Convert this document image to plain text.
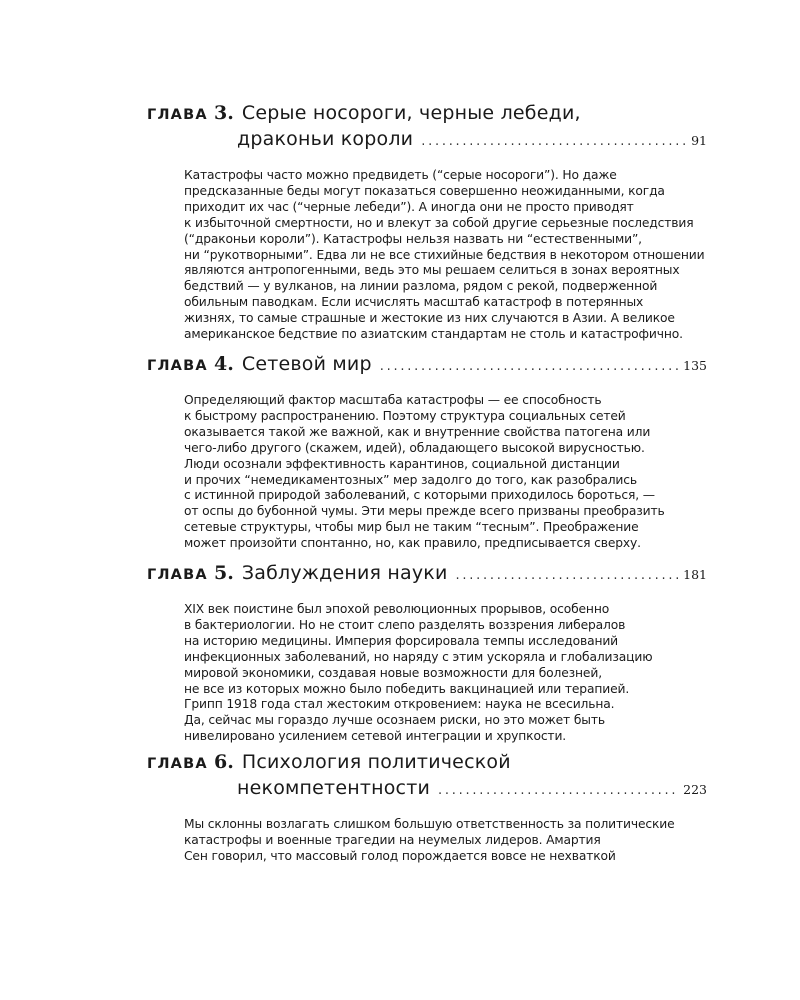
ГЛАВА 3. Серые носороги, черные лебеди,
драконьи короли . . .	91
Катастрофы часто можно предвидеть (“серые носороги”). Но даже
предсказанные беды могут показаться совершенно неожиданными, когда
приходит их час (“черные лебеди”). А иногда они не просто приводят
к избыточной смертности, но и влекут за собой другие серьезные последствия
(“драконьи короли”). Катастрофы нельзя назвать ни “естественными”,
ни “рукотворными”. Едва ли не все стихийные бедствия в некотором отношении
являются антропогенными, ведь это мы решаем селиться в зонах вероятных
бедствий — у вулканов, на линии разлома, рядом с рекой, подверженной
обильным паводкам. Если исчислять масштаб катастроф в потерянных
жизнях, то самые страшные и жестокие из них случаются в Азии. А великое
американское бедствие по азиатским стандартам не столь и катастрофично.
ГЛАВА 4. Сетевой мир . . .	135
Определяющий фактор масштаба катастрофы — ее способность
к быстрому распространению. Поэтому структура социальных сетей
оказывается такой же важной, как и внутренние свойства патогена или
чего-либо другого (скажем, идей), обладающего высокой вирусностью.
Люди осознали эффективность карантинов, социальной дистанции
и прочих “немедикаментозных” мер задолго до того, как разобрались
с истинной природой заболеваний, с которыми приходилось бороться, —
от оспы до бубонной чумы. Эти меры прежде всего призваны преобразить
сетевые структуры, чтобы мир был не таким “тесным”. Преображение
может произойти спонтанно, но, как правило, предписывается сверху.
ГЛАВА 5. Заблуждения науки . . .	181
XIX век поистине был эпохой революционных прорывов, особенно
в бактериологии. Но не стоит слепо разделять воззрения либералов
на историю медицины. Империя форсировала темпы исследований
инфекционных заболеваний, но наряду с этим ускорялa и глобализацию
мировой экономики, создавая новые возможности для болезней,
не все из которых можно было победить вакцинацией или терапией.
Грипп 1918 года стал жестоким откровением: наука не всесильна.
Да, сейчас мы гораздо лучше осознаем риски, но это может быть
нивелировано усилением сетевой интеграции и хрупкости.
ГЛАВА 6. Психология политической
некомпетентности . . .	223
Мы склонны возлагать слишком большую ответственность за политические
катастрофы и военные трагедии на неумелых лидеров. Амартия
Сен говорил, что массовый голод порождается вовсе не нехваткой
